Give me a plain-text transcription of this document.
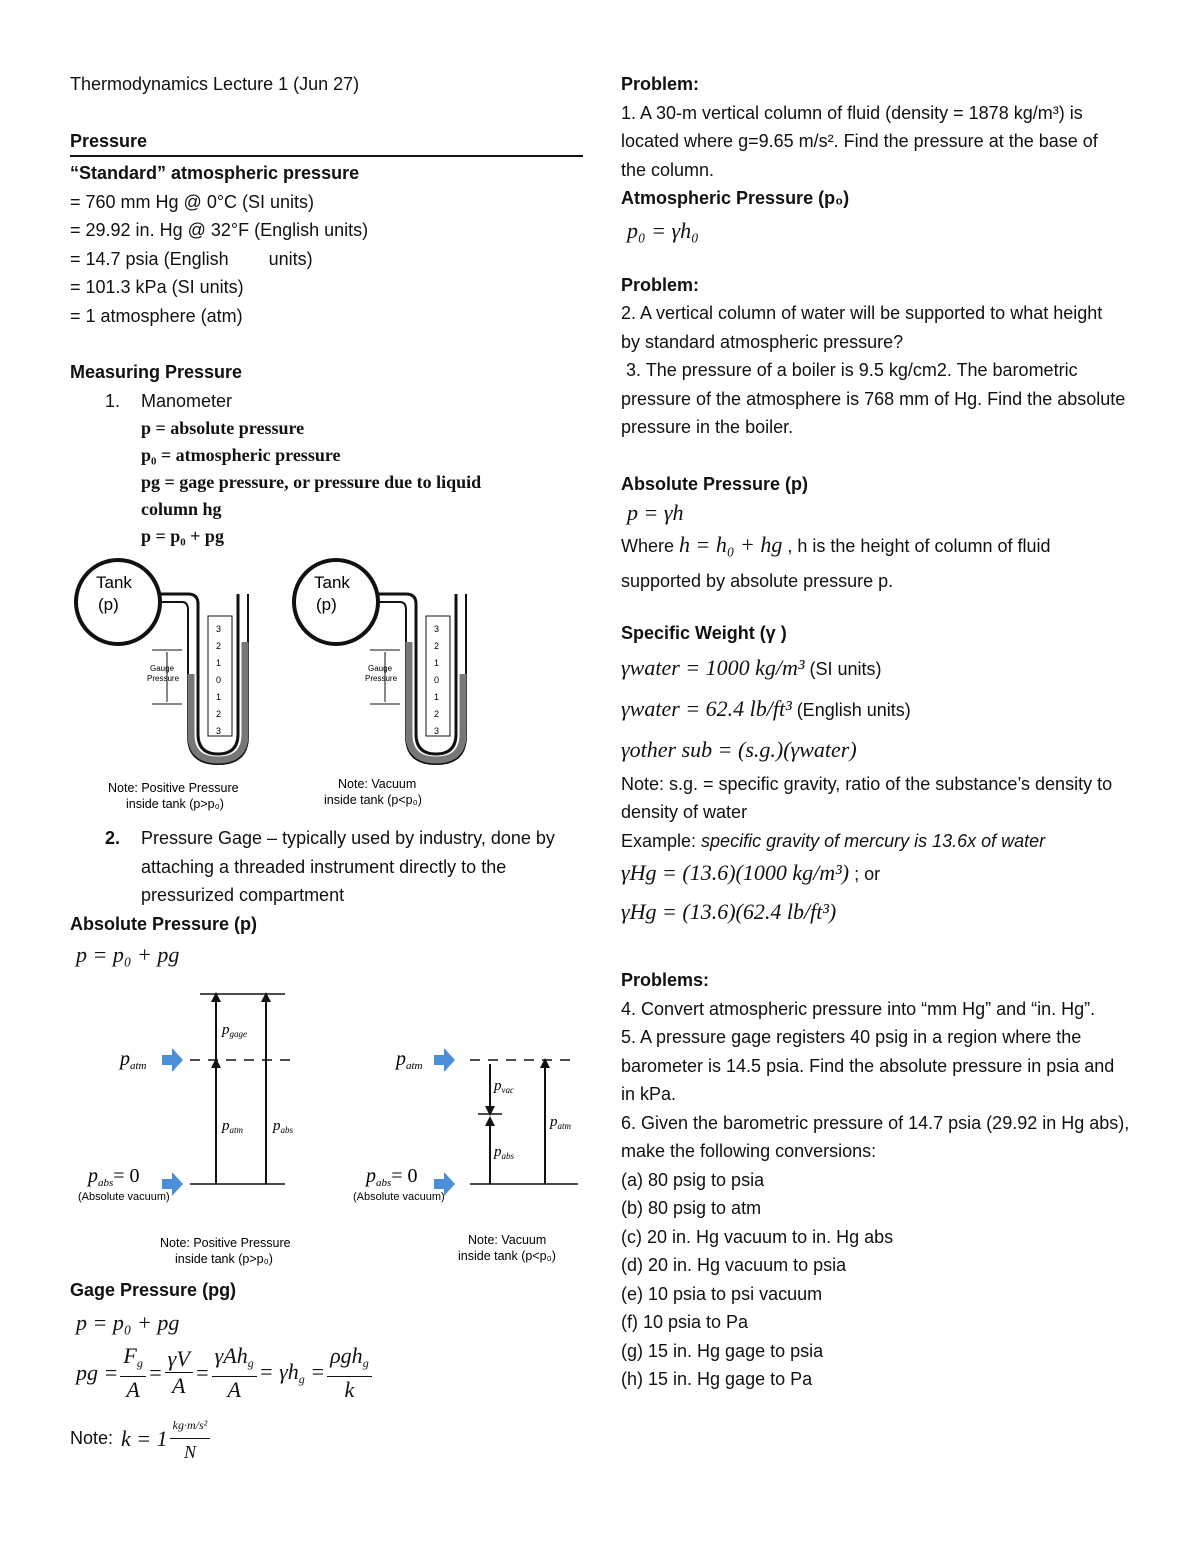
Thermodynamics Lecture 1 (Jun 27)
Pressure
“Standard” atmospheric pressure
= 760 mm Hg @ 0°C (SI units)
= 29.92 in. Hg @ 32°F (English units)
= 14.7 psia (English        units)
= 101.3 kPa (SI units)
= 1 atmosphere (atm)
Measuring Pressure
1. Manometer
p = absolute pressure
p₀ = atmospheric pressure
pg = gage pressure, or pressure due to liquid
column hg
p = p₀ + pg
Tank
(p)
3
2
1
0
1
2
3
Gauge
Pressure
Note: Positive Pressure
inside tank (p>p₀)
Tank
(p)
3
2
1
0
1
2
3
Gauge
Pressure
Note: Vacuum
inside tank (p<p₀)
2.	Pressure Gage – typically used by industry, done by attaching a threaded instrument directly to the pressurized compartment
Absolute Pressure (p)
p = p₀ + pg
$p_{gage}$
$p_{atm}$ $p_{abs}$
$p_{atm}$
$p_{abs}= 0$
(Absolute vacuum)
Note: Positive Pressure
inside tank (p>p₀)
$p_{vac}$
$p_{abs}$
$p_{atm}$
$p_{atm}$
$p_{abs}= 0$
(Absolute vacuum)
Note: Vacuum
inside tank (p<p₀)
Gage Pressure (pg)
p = p₀ + pg
pg = $\frac{F_g}{A} = \frac{\gamma V}{A} = \frac{\gamma Ah_g}{A} = \gamma h_g = \frac{\rho gh_g}{k}$
Note: $k = 1 \frac{\text{kg·m/s²}}{N}$
Problem:
1. A 30-m vertical column of fluid (density = 1878 kg/m³) is located where g=9.65 m/s². Find the pressure at the base of the column.
Atmospheric Pressure (p₀)
p₀ = γh₀
Problem:
2. A vertical column of water will be supported to what height by standard atmospheric pressure?
3. The pressure of a boiler is 9.5 kg/cm2. The barometric pressure of the atmosphere is 768 mm of Hg. Find the absolute pressure in the boiler.
Absolute Pressure (p)
p = γh
Where h = h₀ + hg , h is the height of column of fluid
supported by absolute pressure p.
Specific Weight (γ )
γwater = 1000 kg/m³ (SI units)
γwater = 62.4 lb/ft³ (English units)
γother sub = (s.g.)(γwater)
Note: s.g. = specific gravity, ratio of the substance’s density to density of water
Example: specific gravity of mercury is 13.6x of water
γHg = (13.6)(1000 kg/m³) ; or
γHg = (13.6)(62.4 lb/ft³)
Problems:
4. Convert atmospheric pressure into “mm Hg” and “in. Hg”.
5. A pressure gage registers 40 psig in a region where the barometer is 14.5 psia. Find the absolute pressure in psia and in kPa.
6. Given the barometric pressure of 14.7 psia (29.92 in Hg abs), make the following conversions:
(a) 80 psig to psia
(b) 80 psig to atm
(c) 20 in. Hg vacuum to in. Hg abs
(d) 20 in. Hg vacuum to psia
(e) 10 psia to psi vacuum
(f) 10 psia to Pa
(g) 15 in. Hg gage to psia
(h) 15 in. Hg gage to Pa
